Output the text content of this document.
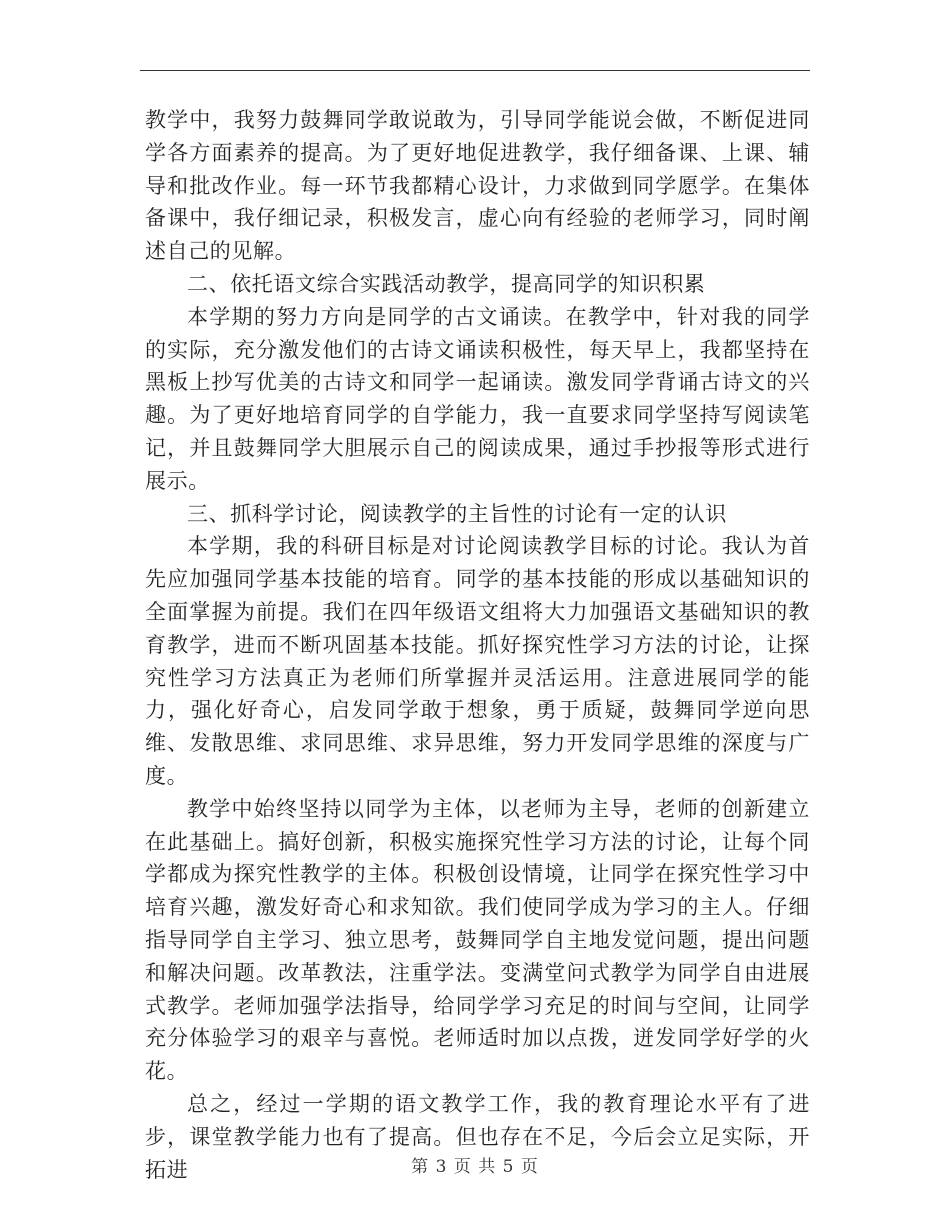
教学中，我努力鼓舞同学敢说敢为，引导同学能说会做，不断促进同学各方面素养的提高。为了更好地促进教学，我仔细备课、上课、辅导和批改作业。每一环节我都精心设计，力求做到同学愿学。在集体备课中，我仔细记录，积极发言，虚心向有经验的老师学习，同时阐述自己的见解。

二、依托语文综合实践活动教学，提高同学的知识积累

本学期的努力方向是同学的古文诵读。在教学中，针对我的同学的实际，充分激发他们的古诗文诵读积极性，每天早上，我都坚持在黑板上抄写优美的古诗文和同学一起诵读。激发同学背诵古诗文的兴趣。为了更好地培育同学的自学能力，我一直要求同学坚持写阅读笔记，并且鼓舞同学大胆展示自己的阅读成果，通过手抄报等形式进行展示。

三、抓科学讨论，阅读教学的主旨性的讨论有一定的认识

本学期，我的科研目标是对讨论阅读教学目标的讨论。我认为首先应加强同学基本技能的培育。同学的基本技能的形成以基础知识的全面掌握为前提。我们在四年级语文组将大力加强语文基础知识的教育教学，进而不断巩固基本技能。抓好探究性学习方法的讨论，让探究性学习方法真正为老师们所掌握并灵活运用。注意进展同学的能力，强化好奇心，启发同学敢于想象，勇于质疑，鼓舞同学逆向思维、发散思维、求同思维、求异思维，努力开发同学思维的深度与广度。

教学中始终坚持以同学为主体，以老师为主导，老师的创新建立在此基础上。搞好创新，积极实施探究性学习方法的讨论，让每个同学都成为探究性教学的主体。积极创设情境，让同学在探究性学习中培育兴趣，激发好奇心和求知欲。我们使同学成为学习的主人。仔细指导同学自主学习、独立思考，鼓舞同学自主地发觉问题，提出问题和解决问题。改革教法，注重学法。变满堂问式教学为同学自由进展式教学。老师加强学法指导，给同学学习充足的时间与空间，让同学充分体验学习的艰辛与喜悦。老师适时加以点拨，迸发同学好学的火花。

总之，经过一学期的语文教学工作，我的教育理论水平有了进步，课堂教学能力也有了提高。但也存在不足，今后会立足实际，开拓进	第 3 页 共 5 页
